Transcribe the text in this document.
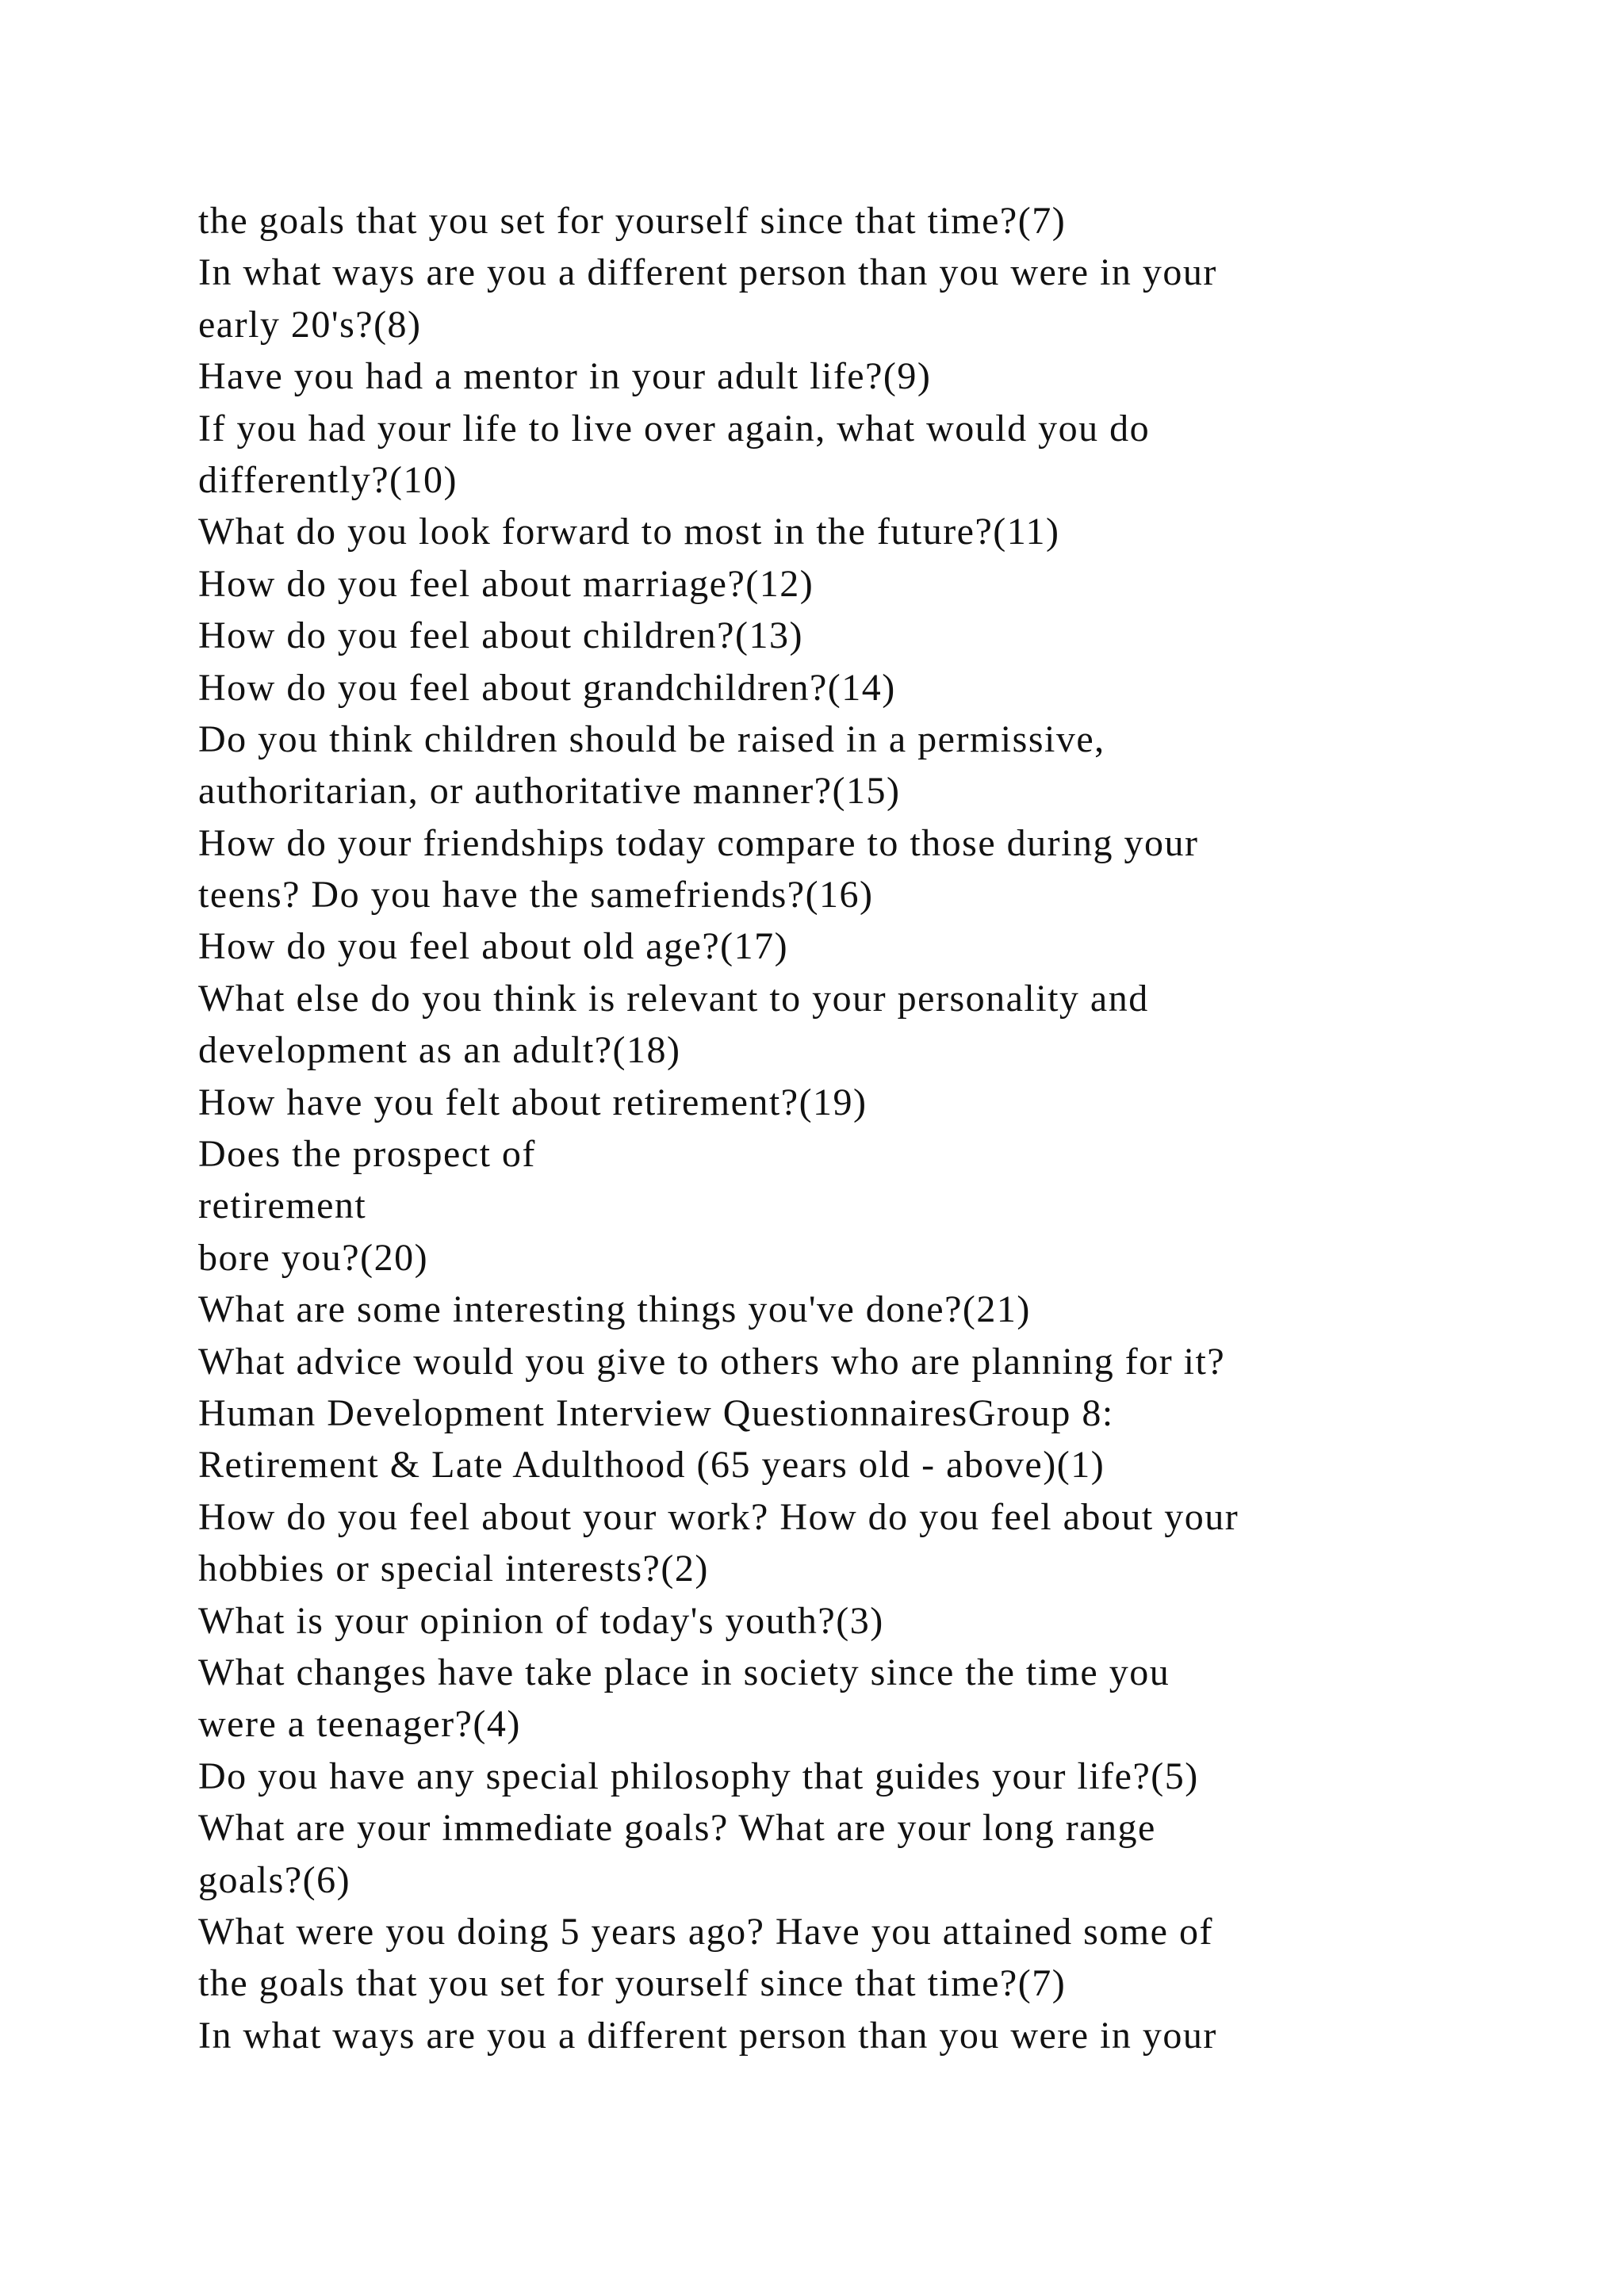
the goals that you set for yourself since that time?(7)
In what ways are you a different person than you were in your
early 20's?(8)
Have you had a mentor in your adult life?(9)
If you had your life to live over again, what would you do
differently?(10)
What do you look forward to most in the future?(11)
How do you feel about marriage?(12)
How do you feel about children?(13)
How do you feel about grandchildren?(14)
Do you think children should be raised in a permissive,
authoritarian, or authoritative manner?(15)
How do your friendships today compare to those during your
teens? Do you have the samefriends?(16)
How do you feel about old age?(17)
What else do you think is relevant to your personality and
development as an adult?(18)
How have you felt about retirement?(19)
Does the prospect of
retirement
bore you?(20)
What are some interesting things you've done?(21)
What advice would you give to others who are planning for it?
Human Development Interview QuestionnairesGroup 8:
Retirement & Late Adulthood (65 years old - above)(1)
How do you feel about your work? How do you feel about your
hobbies or special interests?(2)
What is your opinion of today's youth?(3)
What changes have take place in society since the time you
were a teenager?(4)
Do you have any special philosophy that guides your life?(5)
What are your immediate goals? What are your long range
goals?(6)
What were you doing 5 years ago? Have you attained some of
the goals that you set for yourself since that time?(7)
In what ways are you a different person than you were in your
